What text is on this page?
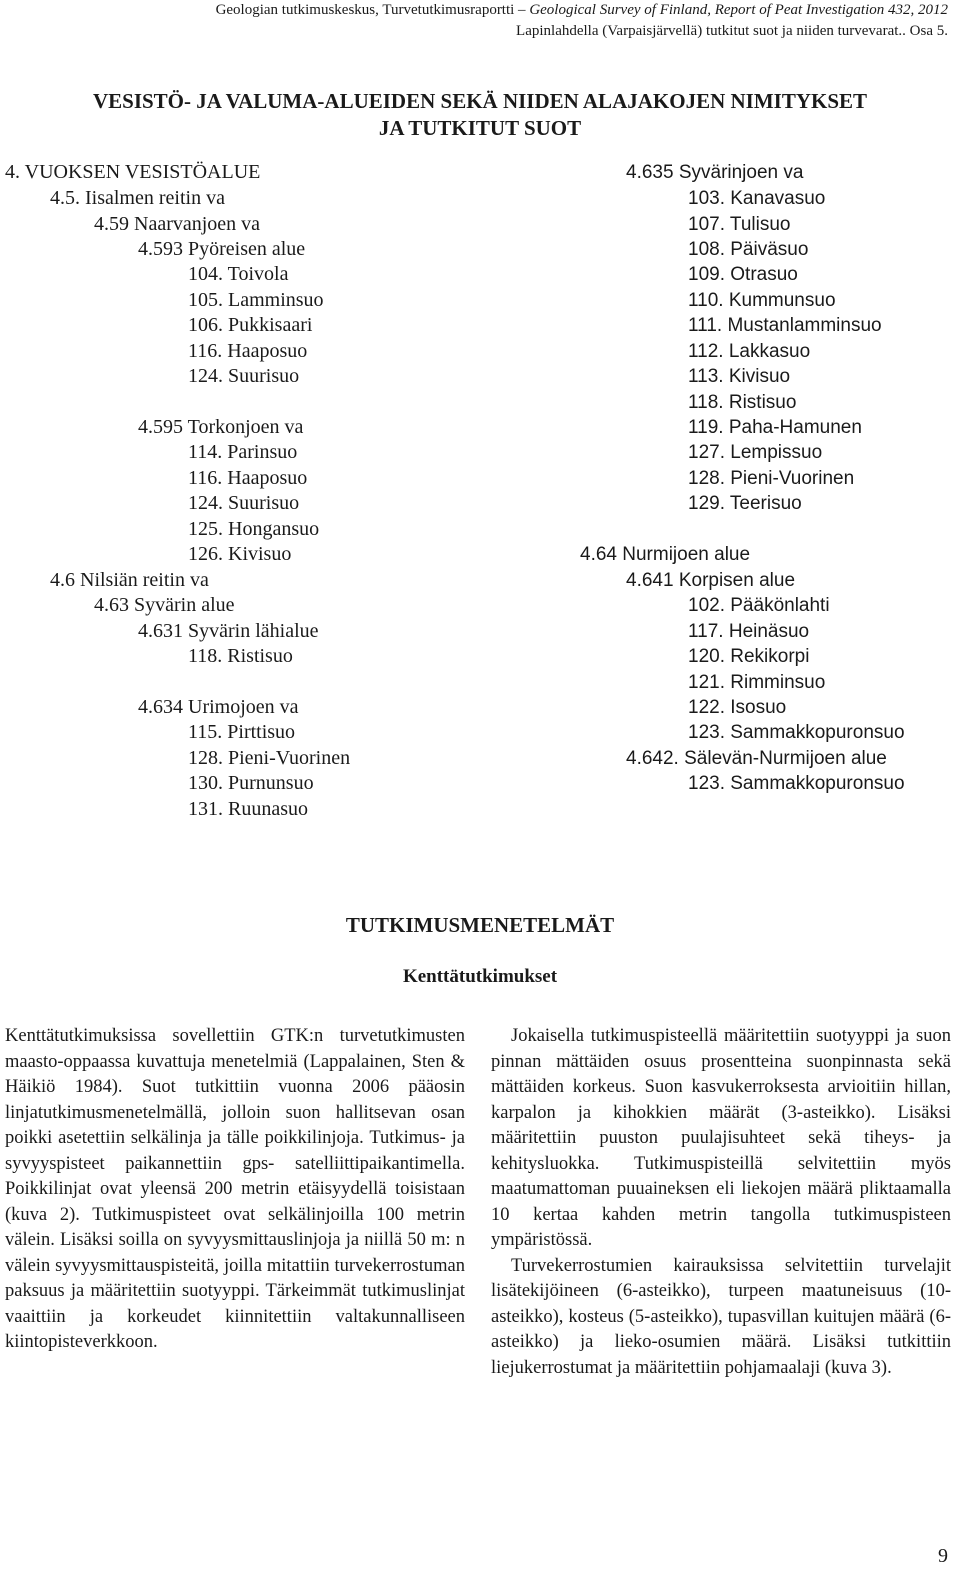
Geologian tutkimuskeskus, Turvetutkimusraportti – Geological Survey of Finland, Report of Peat Investigation 432, 2012
Lapinlahdella (Varpaisjärvellä) tutkitut suot ja niiden turvevarat.. Osa 5.
VESISTÖ- JA VALUMA-ALUEIDEN SEKÄ NIIDEN ALAJAKOJEN NIMITYKSET
JA TUTKITUT SUOT
4. VUOKSEN VESISTÖALUE
4.5. Iisalmen reitin va
4.59 Naarvanjoen va
4.593 Pyöreisen alue
104. Toivola
105. Lamminsuo
106. Pukkisaari
116. Haaposuo
124. Suurisuo
4.595 Torkonjoen va
114. Parinsuo
116. Haaposuo
124. Suurisuo
125. Hongansuo
126. Kivisuo
4.6 Nilsiän reitin va
4.63 Syvärin alue
4.631 Syvärin lähialue
118. Ristisuo
4.634 Urimojoen va
115. Pirttisuo
128. Pieni-Vuorinen
130. Purnunsuo
131. Ruunasuo
4.635 Syvärinjoen va
103. Kanavasuo
107. Tulisuo
108. Päiväsuo
109. Otrasuo
110. Kummunsuo
111. Mustanlamminsuo
112. Lakkasuo
113. Kivisuo
118. Ristisuo
119. Paha-Hamunen
127. Lempissuo
128. Pieni-Vuorinen
129. Teerisuo
4.64 Nurmijoen alue
4.641 Korpisen alue
102. Pääkönlahti
117. Heinäsuo
120. Rekikorpi
121. Rimminsuo
122. Isosuo
123. Sammakkopuronsuo
4.642. Sälevän-Nurmijoen alue
123. Sammakkopuronsuo
TUTKIMUSMENETELMÄT
Kenttätutkimukset

Kenttätutkimuksissa sovellettiin GTK:n turvetutkimusten maasto-oppaassa kuvattuja menetelmiä (Lappalainen, Sten & Häikiö 1984). Suot tutkittiin vuonna 2006 pääosin linjatutkimusmenetelmällä, jolloin suon hallitsevan osan poikki asetettiin selkälinja ja tälle poikkilinjoja. Tutkimus- ja syvyyspisteet paikannettiin gps- satelliittipaikantimella. Poikkilinjat ovat yleensä 200 metrin etäisyydellä toisistaan (kuva 2). Tutkimuspisteet ovat selkälinjoilla 100 metrin välein. Lisäksi soilla on syvyysmittauslinjoja ja niillä 50 m: n välein syvyysmittauspisteitä, joilla mitattiin turvekerrostuman paksuus ja määritettiin suotyyppi. Tärkeimmät tutkimuslinjat vaaittiin ja korkeudet kiinnitettiin valtakunnalliseen kiintopisteverkkoon.

Jokaisella tutkimuspisteellä määritettiin suotyyppi ja suon pinnan mättäiden osuus prosentteina suonpinnasta sekä mättäiden korkeus. Suon kasvukerroksesta arvioitiin hillan, karpalon ja kihokkien määrät (3-asteikko). Lisäksi määritettiin puuston puulajisuhteet sekä tiheys- ja kehitysluokka. Tutkimuspisteillä selvitettiin myös maatumattoman puuaineksen eli liekojen määrä pliktaamalla 10 kertaa kahden metrin tangolla tutkimuspisteen ympäristössä.

Turvekerrostumien kairauksissa selvitettiin turvelajit lisätekijöineen (6-asteikko), turpeen maatuneisuus (10-asteikko), kosteus (5-asteikko), tupasvillan kuitujen määrä (6-asteikko) ja lieko-osumien määrä. Lisäksi tutkittiin liejukerrostumat ja määritettiin pohjamaalaji (kuva 3).

9
